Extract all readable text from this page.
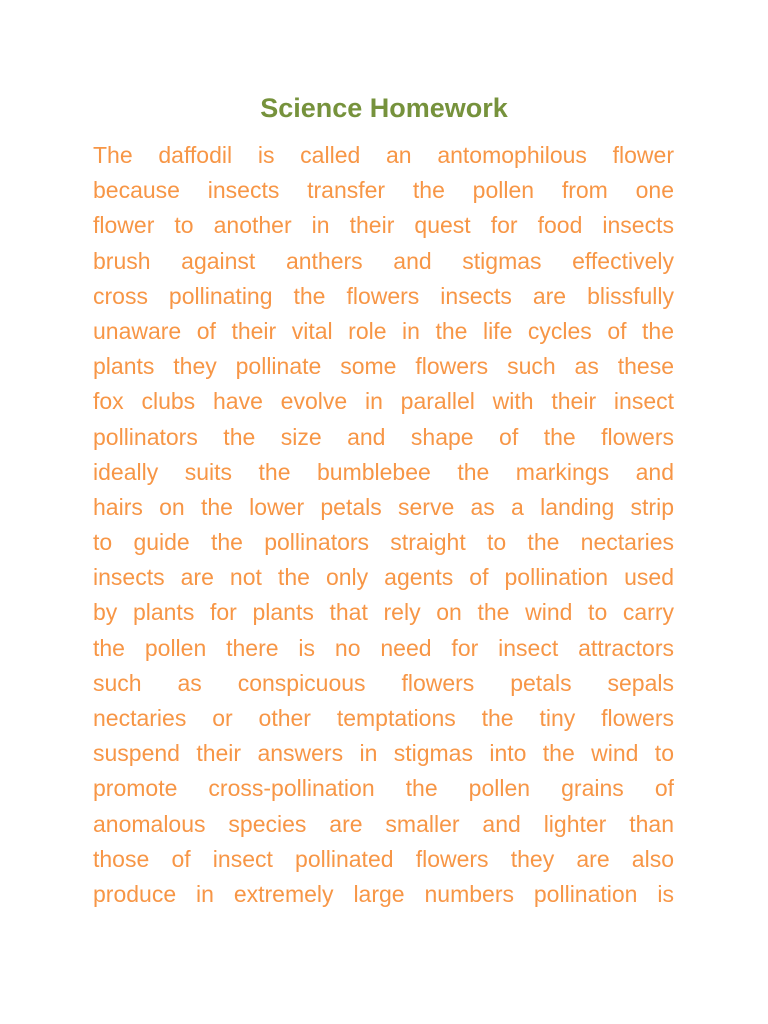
Science Homework
The daffodil is called an antomophilous flower
because insects transfer the pollen from one
flower to another in their quest for food insects
brush against anthers and stigmas effectively
cross pollinating the flowers insects are blissfully
unaware of their vital role in the life cycles of the
plants they pollinate some flowers such as these
fox clubs have evolve in parallel with their insect
pollinators the size and shape of the flowers
ideally suits the bumblebee the markings and
hairs on the lower petals serve as a landing strip
to guide the pollinators straight to the nectaries
insects are not the only agents of pollination used
by plants for plants that rely on the wind to carry
the pollen there is no need for insect attractors
such as conspicuous flowers petals sepals
nectaries or other temptations the tiny flowers
suspend their answers in stigmas into the wind to
promote cross-pollination the pollen grains of
anomalous species are smaller and lighter than
those of insect pollinated flowers they are also
produce in extremely large numbers pollination is
